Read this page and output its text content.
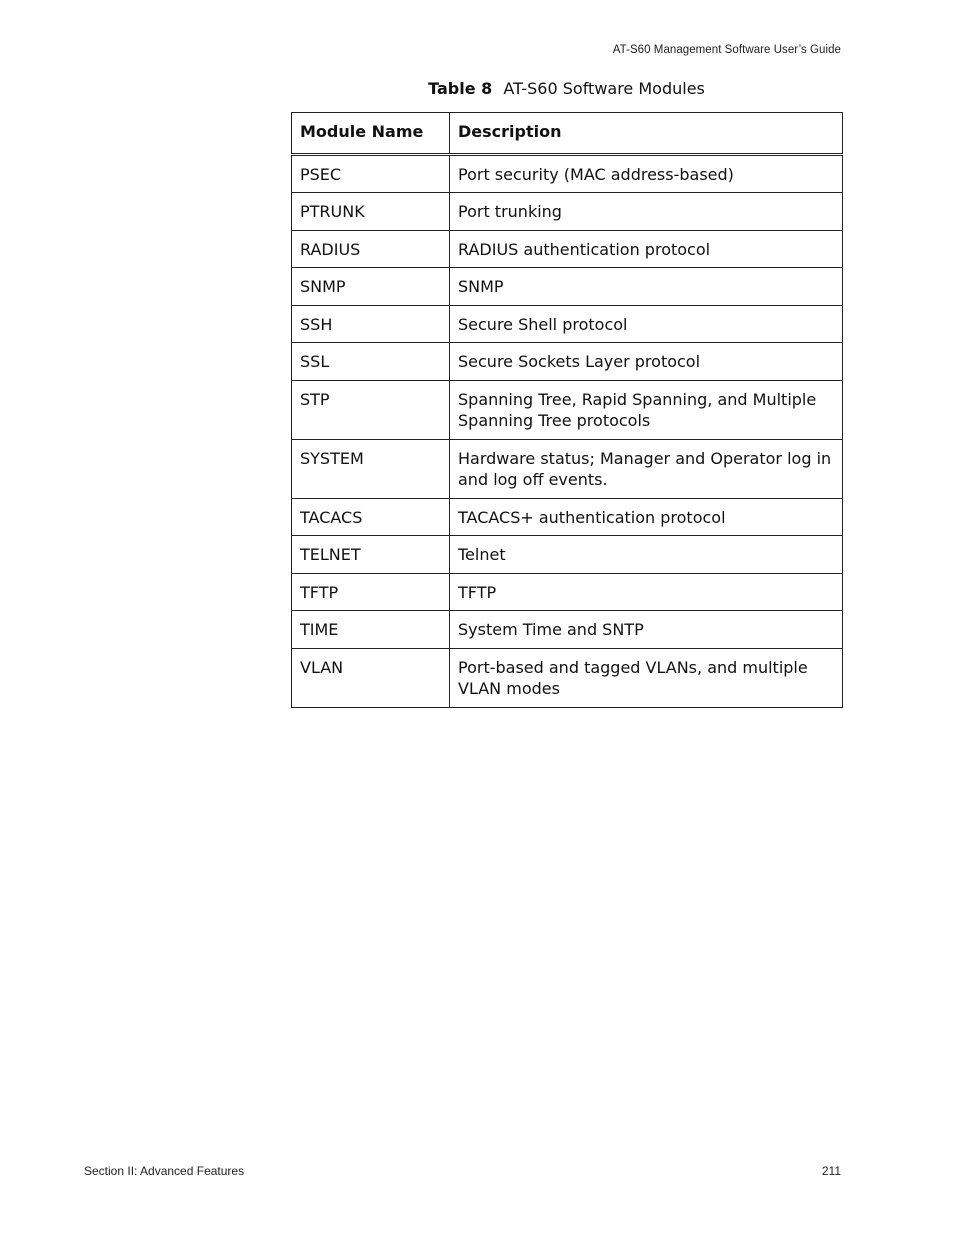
AT-S60 Management Software User’s Guide
Table 8 AT-S60 Software Modules
Module Name	Description
PSEC	Port security (MAC address-based)
PTRUNK	Port trunking
RADIUS	RADIUS authentication protocol
SNMP	SNMP
SSH	Secure Shell protocol
SSL	Secure Sockets Layer protocol
STP	Spanning Tree, Rapid Spanning, and Multiple Spanning Tree protocols
SYSTEM	Hardware status; Manager and Operator log in and log off events.
TACACS	TACACS+ authentication protocol
TELNET	Telnet
TFTP	TFTP
TIME	System Time and SNTP
VLAN	Port-based and tagged VLANs, and multiple VLAN modes
Section II: Advanced Features	211
